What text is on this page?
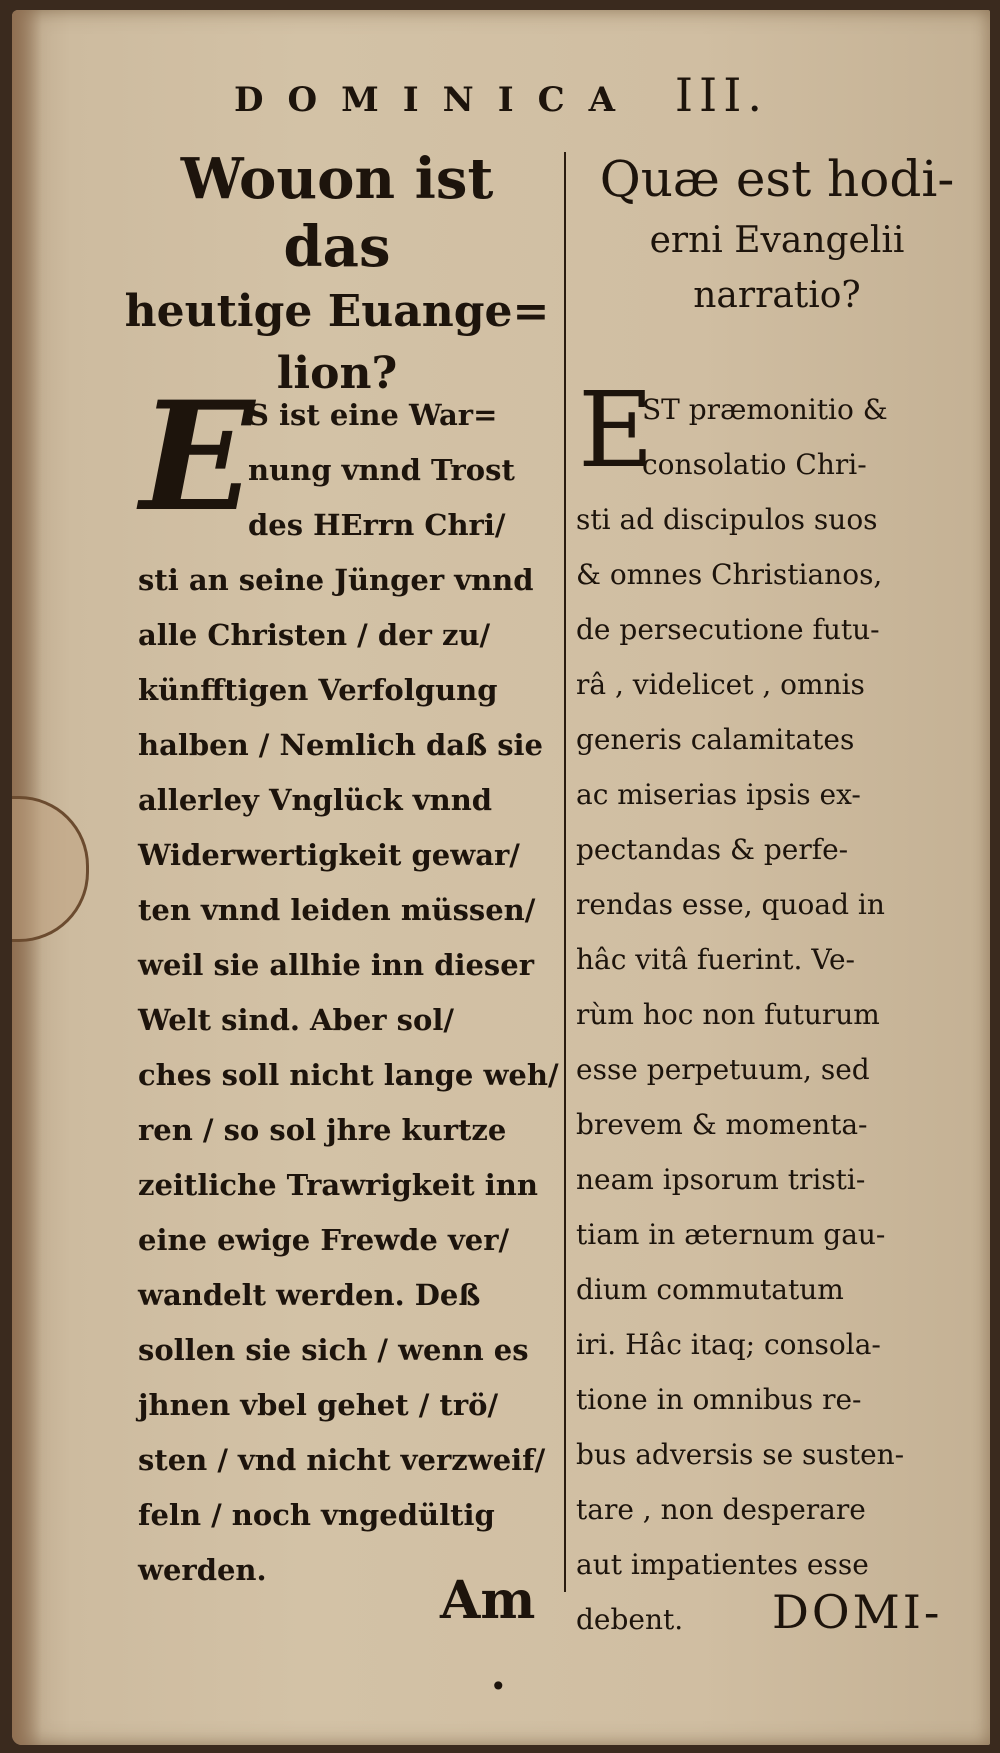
DOMINICA III.
Wouon ist das
heutige Euange=
lion?
Quæ est hodi-
erni Evangelii
narratio?
E
S ist eine War=
nung vnnd Trost
des HErrn Chri/
sti an seine Jünger vnnd
alle Christen / der zu/
künfftigen Verfolgung
halben / Nemlich daß sie
allerley Vnglück vnnd
Widerwertigkeit gewar/
ten vnnd leiden müssen/
weil sie allhie inn dieser
Welt sind. Aber sol/
ches soll nicht lange weh/
ren / so sol jhre kurtze
zeitliche Trawrigkeit inn
eine ewige Frewde ver/
wandelt werden. Deß
sollen sie sich / wenn es
jhnen vbel gehet / trö/
sten / vnd nicht verzweif/
feln / noch vngedültig
werden.
E
ST præmonitio &
consolatio Chri-
sti ad discipulos suos
& omnes Christianos,
de persecutione futu-
râ , videlicet , omnis
generis calamitates
ac miserias ipsis ex-
pectandas & perfe-
rendas esse, quoad in
hâc vitâ fuerint. Ve-
rùm hoc non futurum
esse perpetuum, sed
brevem & momenta-
neam ipsorum tristi-
tiam in æternum gau-
dium commutatum
iri. Hâc itaq; consola-
tione in omnibus re-
bus adversis se susten-
tare , non desperare
aut impatientes esse
debent.
Am	DOMI-
•
